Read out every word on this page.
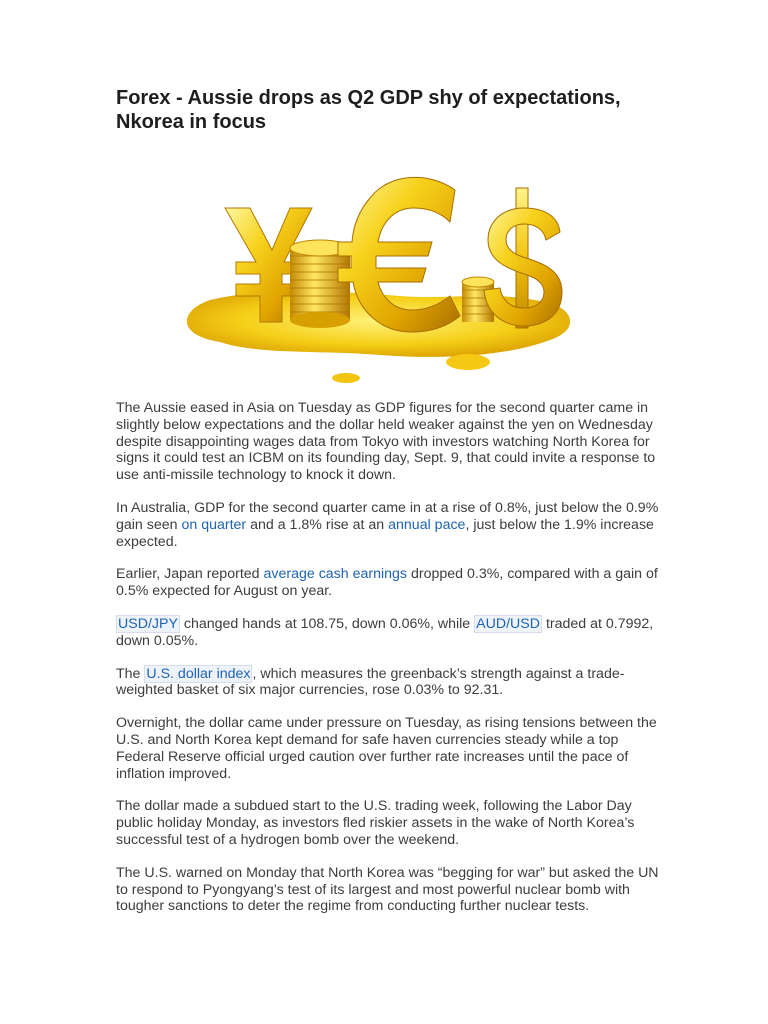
Forex - Aussie drops as Q2 GDP shy of expectations, Nkorea in focus

The Aussie eased in Asia on Tuesday as GDP figures for the second quarter came in slightly below expectations and the dollar held weaker against the yen on Wednesday despite disappointing wages data from Tokyo with investors watching North Korea for signs it could test an ICBM on its founding day, Sept. 9, that could invite a response to use anti-missile technology to knock it down.

In Australia, GDP for the second quarter came in at a rise of 0.8%, just below the 0.9% gain seen on quarter and a 1.8% rise at an annual pace, just below the 1.9% increase expected.

Earlier, Japan reported average cash earnings dropped 0.3%, compared with a gain of 0.5% expected for August on year.

USD/JPY changed hands at 108.75, down 0.06%, while AUD/USD traded at 0.7992, down 0.05%.

The U.S. dollar index , which measures the greenback’s strength against a trade-weighted basket of six major currencies, rose 0.03% to 92.31.

Overnight, the dollar came under pressure on Tuesday, as rising tensions between the U.S. and North Korea kept demand for safe haven currencies steady while a top Federal Reserve official urged caution over further rate increases until the pace of inflation improved.

The dollar made a subdued start to the U.S. trading week, following the Labor Day public holiday Monday, as investors fled riskier assets in the wake of North Korea’s successful test of a hydrogen bomb over the weekend.

The U.S. warned on Monday that North Korea was “begging for war” but asked the UN to respond to Pyongyang’s test of its largest and most powerful nuclear bomb with tougher sanctions to deter the regime from conducting further nuclear tests.
